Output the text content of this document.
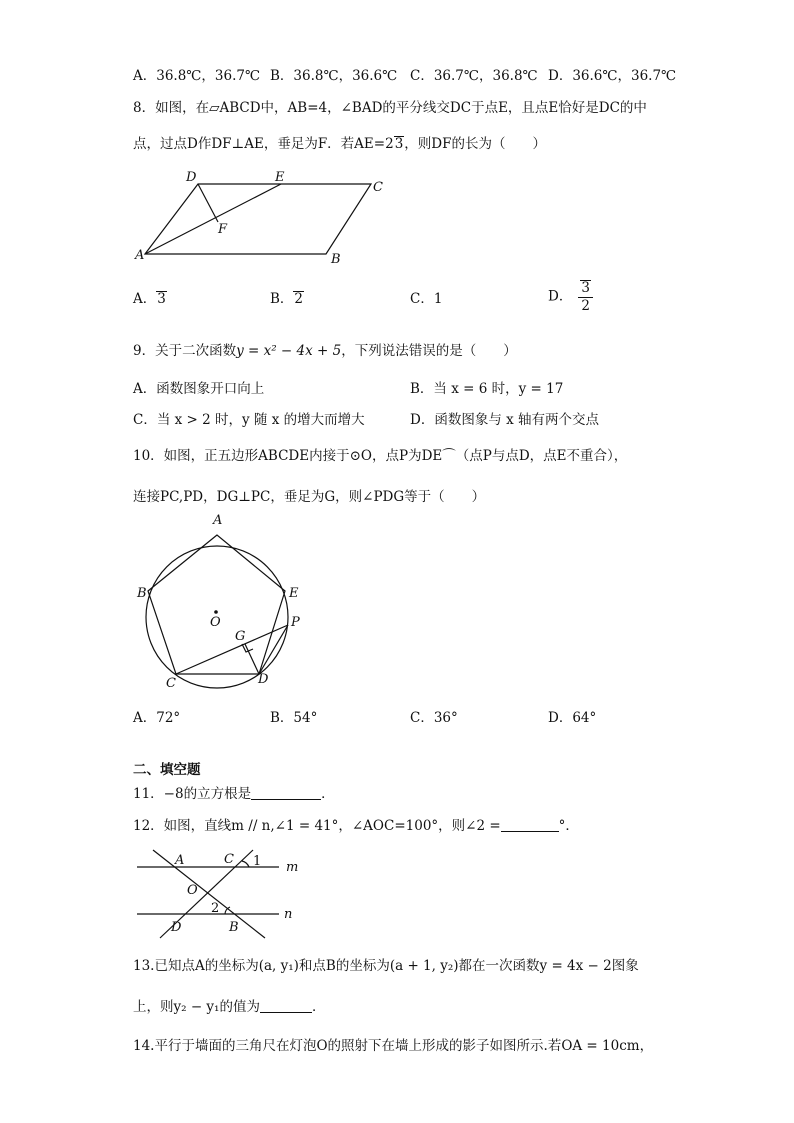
A．36.8℃，36.7℃ B．36.8℃，36.6℃ C．36.7℃，36.8℃ D．36.6℃，36.7℃
8．如图，在▱ABCD中，AB=4，∠BAD的平分线交DC于点E，且点E恰好是DC的中
点，过点D作DF⊥AE，垂足为F．若AE=23，则DF的长为（　　）
D	E
C
F
A	B
A．3	B．2	C．1	D． $\frac{3}{2}$
9．关于二次函数y = x² − 4x + 5，下列说法错误的是（　　）
A．函数图象开口向上	B．当 x = 6 时，y = 17
C．当 x > 2 时，y 随 x 的增大而增大	D．函数图象与 x 轴有两个交点
10．如图，正五边形ABCDE内接于⊙O，点P为DE⌒（点P与点D，点E不重合），
连接PC,PD，DG⊥PC，垂足为G，则∠PDG等于（　　）
A
B	E
O	P
G
C	D
A．72°	B．54°	C．36°	D．64°
二、填空题
11．−8的立方根是	．
12．如图，直线m // n,∠1 = 41°，∠AOC=100°，则∠2 =	°．
A	C 1 m
O
2	n
D	B
13.已知点A的坐标为(a, y₁)和点B的坐标为(a + 1, y₂)都在一次函数y = 4x − 2图象
上，则y₂ − y₁的值为	．
14.平行于墙面的三角尺在灯泡O的照射下在墙上形成的影子如图所示.若OA = 10cm，
